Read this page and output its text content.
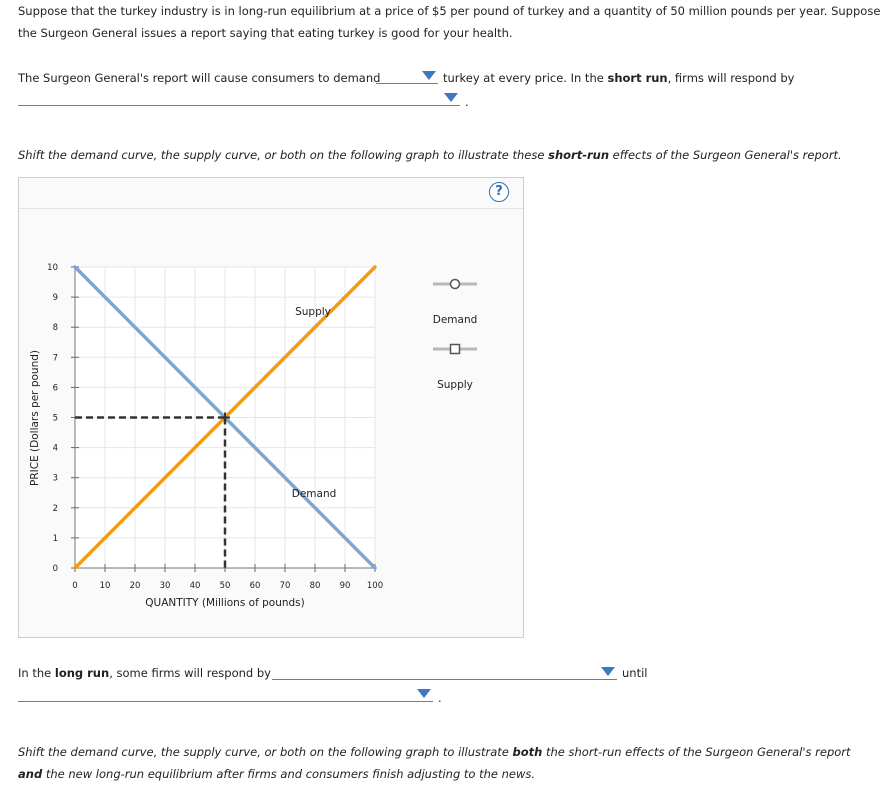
Suppose that the turkey industry is in long-run equilibrium at a price of $5 per pound of turkey and a quantity of 50 million pounds per year. Suppose
the Surgeon General issues a report saying that eating turkey is good for your health.
The Surgeon General's report will cause consumers to demand	turkey at every price. In the short run, firms will respond by
.
Shift the demand curve, the supply curve, or both on the following graph to illustrate these short-run effects of the Surgeon General's report.
?
0	10 20 30 40 50 60 70 80 90 100
0
1
2
3
4
5
6
7
8
9
10
PRICE (Dollars per pound)
QUANTITY (Millions of pounds)
Supply
Demand
Demand
Supply
In the long run, some firms will respond by	until
.
Shift the demand curve, the supply curve, or both on the following graph to illustrate both the short-run effects of the Surgeon General's report
and the new long-run equilibrium after firms and consumers finish adjusting to the news.
